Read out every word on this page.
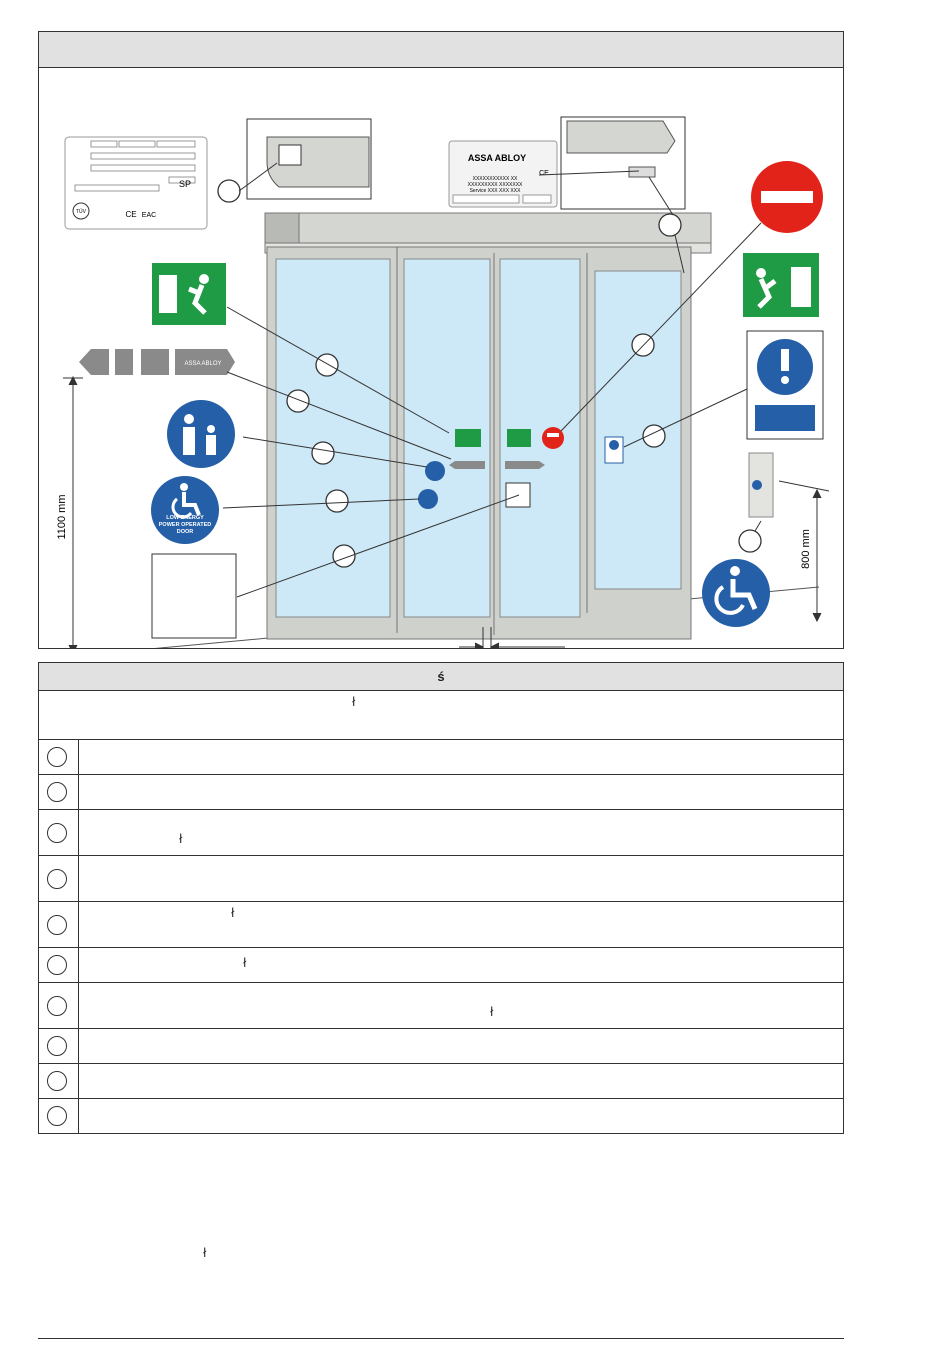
TÜV	CE EAC
SP
ASSA ABLOY
CE
XXXXXXXXXXX XX
XXXXXXXXX XXXXXXX
Service XXX XXX XXX
ASSA ABLOY
LOW ENERGY
POWER OPERATED
DOOR
1100 mm
800 mm
ś
ł
ł
ł
ł
ł
ł
